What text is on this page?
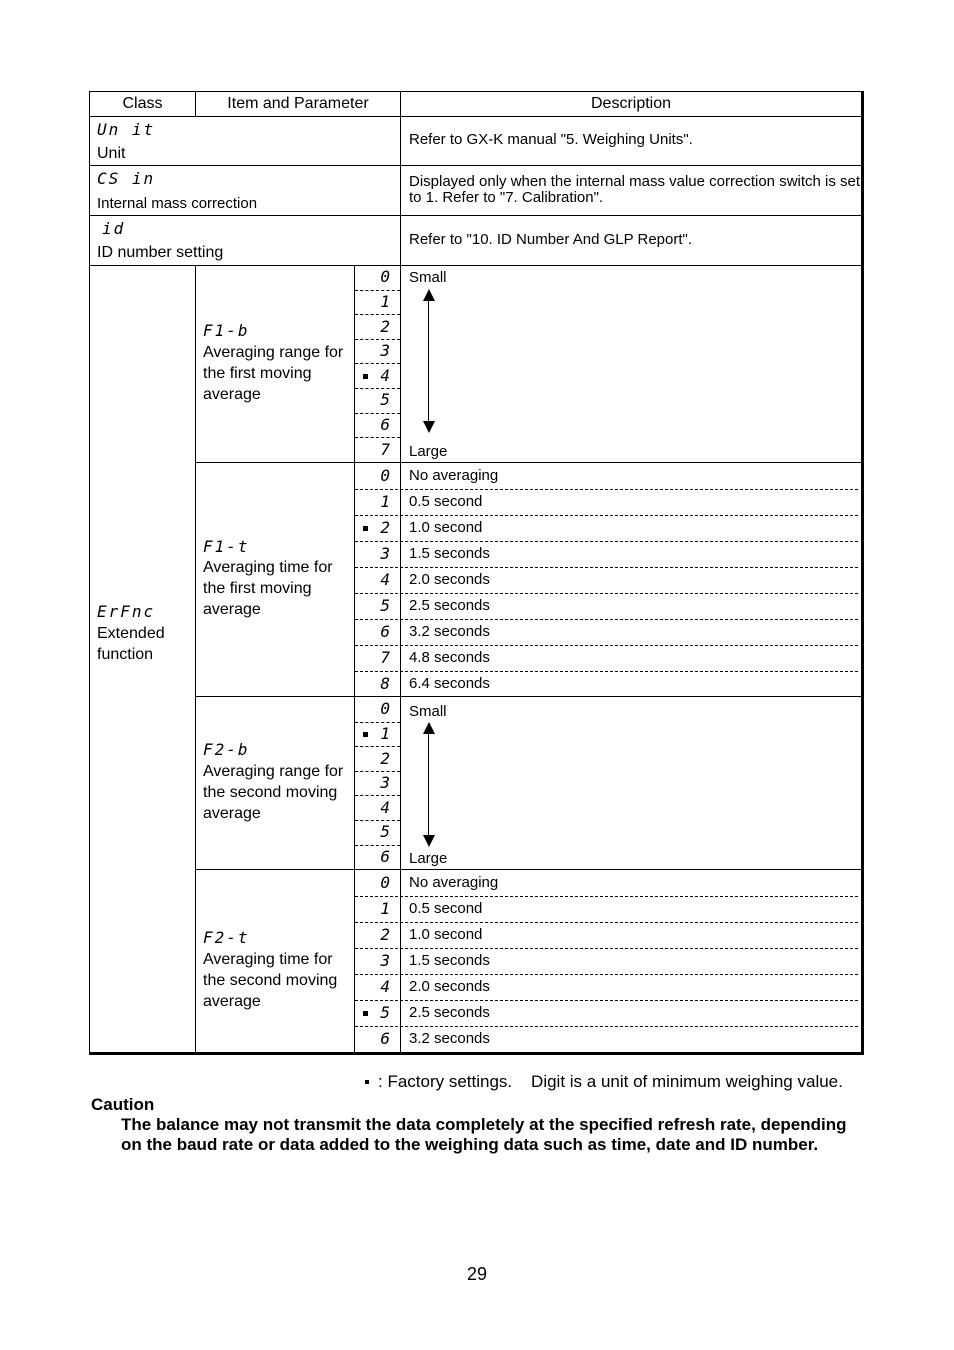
Class	Item and Parameter	Description
Un it
Unit
Refer to GX-K manual "5. Weighing Units".
CS in
Internal mass correction
Displayed only when the internal mass value correction switch is set
to 1. Refer to "7. Calibration".
id
ID number setting
Refer to "10. ID Number And GLP Report".
ErFnc
Extended
function
F1-b
Averaging range for
the first moving
average
0
1
2
3
4
5
6
7
Small
Large
F1-t
Averaging time for
the first moving
average
0 No averaging
1 0.5 second
2 1.0 second
3 1.5 seconds
4 2.0 seconds
5 2.5 seconds
6 3.2 seconds
7 4.8 seconds
8 6.4 seconds
F2-b
Averaging range for
the second moving
average
0
1
2
3
4
5
6
Small
Large
F2-t
Averaging time for
the second moving
average
0 No averaging
1 0.5 second
2 1.0 second
3 1.5 seconds
4 2.0 seconds
5 2.5 seconds
6 3.2 seconds
: Factory settings.    Digit is a unit of minimum weighing value.
Caution
The balance may not transmit the data completely at the specified refresh rate, depending
on the baud rate or data added to the weighing data such as time, date and ID number.
29
